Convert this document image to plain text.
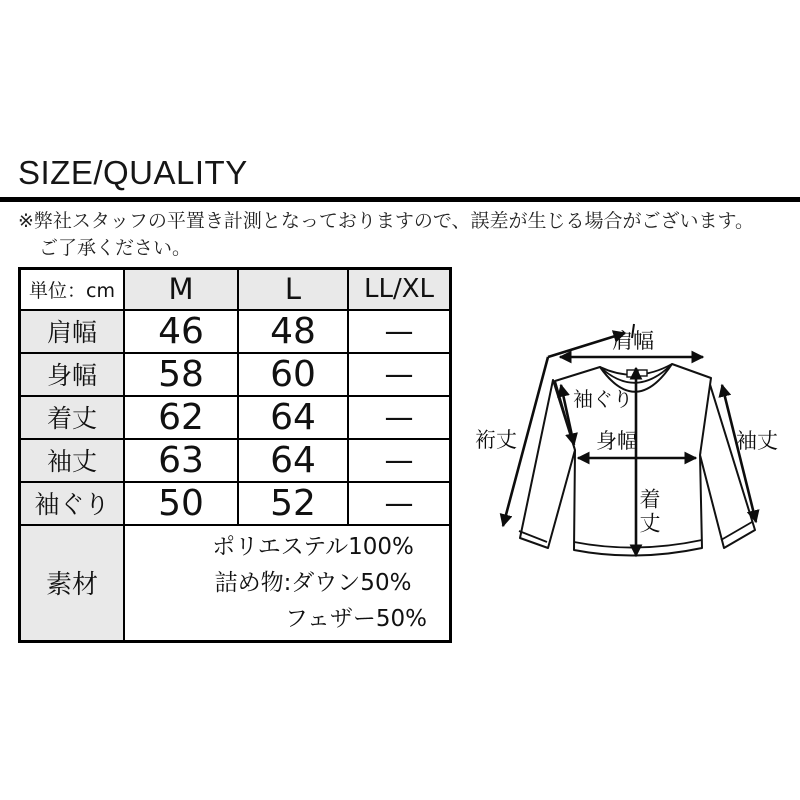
SIZE/QUALITY
※弊社スタッフの平置き計測となっておりますので、誤差が生じる場合がございます。
ご了承ください。
単位：cm	M	L	LL/XL
肩幅	46	48	—
身幅	58	60	—
着丈	62	64	—
袖丈	63	64	—
袖ぐり	50	52	—
素材	ポリエステル100%
詰め物:ダウン50%
フェザー50%		
肩幅
袖ぐり
裄丈	身幅
着丈
袖丈
